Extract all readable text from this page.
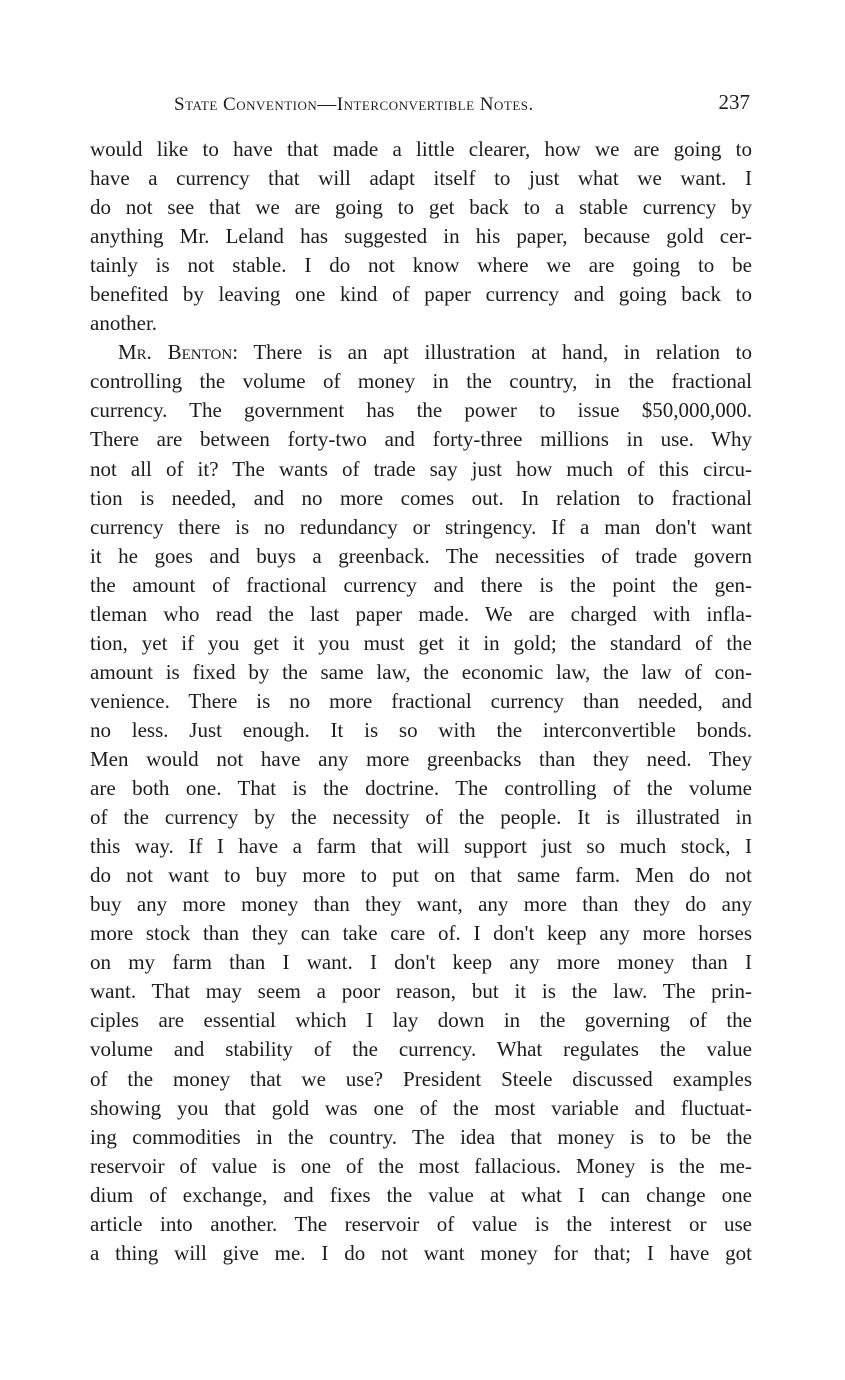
State Convention—Interconvertible Notes.	237
would like to have that made a little clearer, how we are going to
have a currency that will adapt itself to just what we want. I
do not see that we are going to get back to a stable currency by
anything Mr. Leland has suggested in his paper, because gold cer-
tainly is not stable. I do not know where we are going to be
benefited by leaving one kind of paper currency and going back to
another.
Mr. Benton: There is an apt illustration at hand, in relation to
controlling the volume of money in the country, in the fractional
currency. The government has the power to issue $50,000,000.
There are between forty-two and forty-three millions in use. Why
not all of it? The wants of trade say just how much of this circu-
tion is needed, and no more comes out. In relation to fractional
currency there is no redundancy or stringency. If a man don't want
it he goes and buys a greenback. The necessities of trade govern
the amount of fractional currency and there is the point the gen-
tleman who read the last paper made. We are charged with infla-
tion, yet if you get it you must get it in gold; the standard of the
amount is fixed by the same law, the economic law, the law of con-
venience. There is no more fractional currency than needed, and
no less. Just enough. It is so with the interconvertible bonds.
Men would not have any more greenbacks than they need. They
are both one. That is the doctrine. The controlling of the volume
of the currency by the necessity of the people. It is illustrated in
this way. If I have a farm that will support just so much stock, I
do not want to buy more to put on that same farm. Men do not
buy any more money than they want, any more than they do any
more stock than they can take care of. I don't keep any more horses
on my farm than I want. I don't keep any more money than I
want. That may seem a poor reason, but it is the law. The prin-
ciples are essential which I lay down in the governing of the
volume and stability of the currency. What regulates the value
of the money that we use? President Steele discussed examples
showing you that gold was one of the most variable and fluctuat-
ing commodities in the country. The idea that money is to be the
reservoir of value is one of the most fallacious. Money is the me-
dium of exchange, and fixes the value at what I can change one
article into another. The reservoir of value is the interest or use
a thing will give me. I do not want money for that; I have got
